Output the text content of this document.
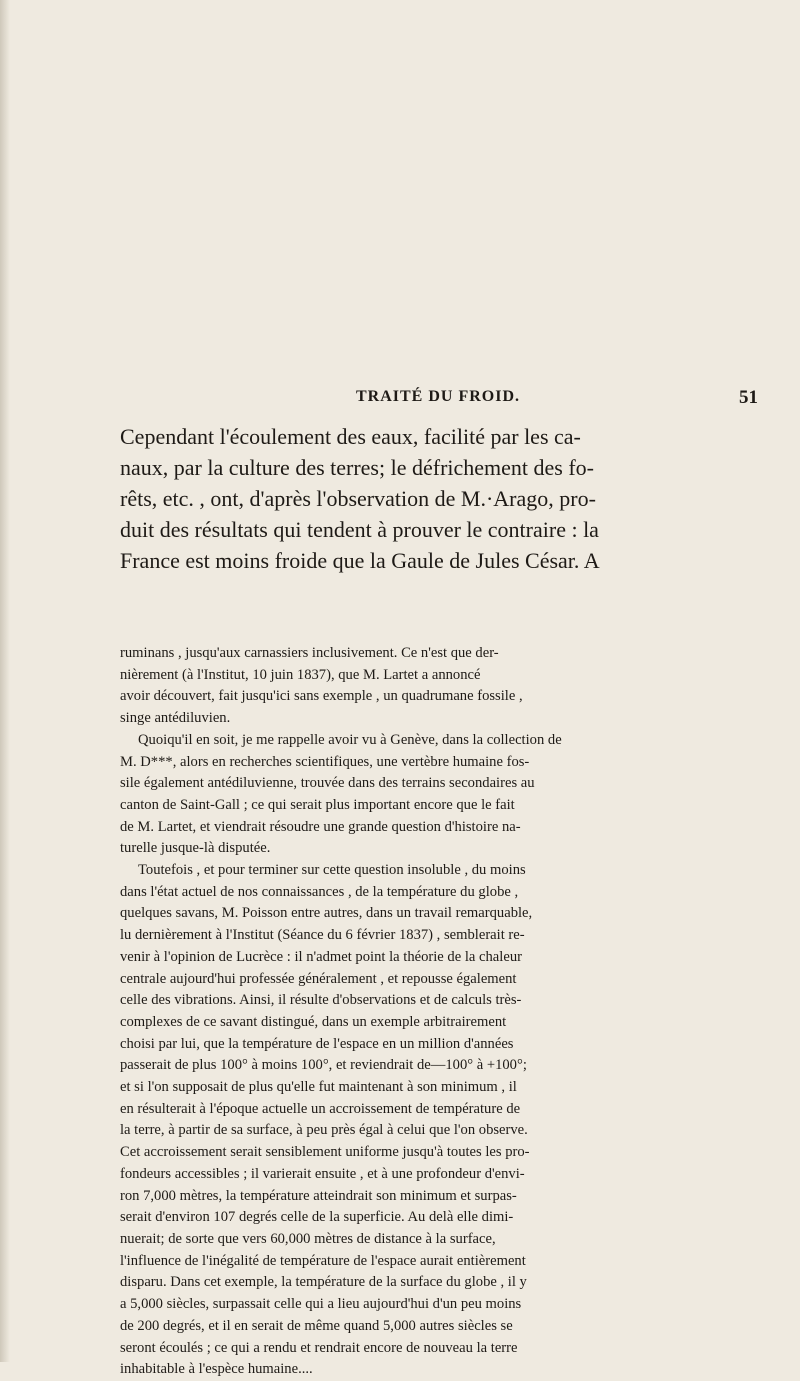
TRAITÉ DU FROID.	51
Cependant l'écoulement des eaux, facilité par les ca-
naux, par la culture des terres; le défrichement des fo-
rêts, etc. , ont, d'après l'observation de M.·Arago, pro-
duit des résultats qui tendent à prouver le contraire : la
France est moins froide que la Gaule de Jules César. A
ruminans , jusqu'aux carnassiers inclusivement. Ce n'est que der-
nièrement (à l'Institut, 10 juin 1837), que M. Lartet a annoncé
avoir découvert, fait jusqu'ici sans exemple , un quadrumane fossile ,
singe antédiluvien.
Quoiqu'il en soit, je me rappelle avoir vu à Genève, dans la collection de
M. D***, alors en recherches scientifiques, une vertèbre humaine fos-
sile également antédiluvienne, trouvée dans des terrains secondaires au
canton de Saint-Gall ; ce qui serait plus important encore que le fait
de M. Lartet, et viendrait résoudre une grande question d'histoire na-
turelle jusque-là disputée.
Toutefois , et pour terminer sur cette question insoluble , du moins
dans l'état actuel de nos connaissances , de la température du globe ,
quelques savans, M. Poisson entre autres, dans un travail remarquable,
lu dernièrement à l'Institut (Séance du 6 février 1837) , semblerait re-
venir à l'opinion de Lucrèce : il n'admet point la théorie de la chaleur
centrale aujourd'hui professée généralement , et repousse également
celle des vibrations. Ainsi, il résulte d'observations et de calculs très-
complexes de ce savant distingué, dans un exemple arbitrairement
choisi par lui, que la température de l'espace en un million d'années
passerait de plus 100° à moins 100°, et reviendrait de—100° à +100°;
et si l'on supposait de plus qu'elle fut maintenant à son minimum , il
en résulterait à l'époque actuelle un accroissement de température de
la terre, à partir de sa surface, à peu près égal à celui que l'on observe.
Cet accroissement serait sensiblement uniforme jusqu'à toutes les pro-
fondeurs accessibles ; il varierait ensuite , et à une profondeur d'envi-
ron 7,000 mètres, la température atteindrait son minimum et surpas-
serait d'environ 107 degrés celle de la superficie. Au delà elle dimi-
nuerait; de sorte que vers 60,000 mètres de distance à la surface,
l'influence de l'inégalité de température de l'espace aurait entièrement
disparu. Dans cet exemple, la température de la surface du globe , il y
a 5,000 siècles, surpassait celle qui a lieu aujourd'hui d'un peu moins
de 200 degrés, et il en serait de même quand 5,000 autres siècles se
seront écoulés ; ce qui a rendu et rendrait encore de nouveau la terre
inhabitable à l'espèce humaine....
